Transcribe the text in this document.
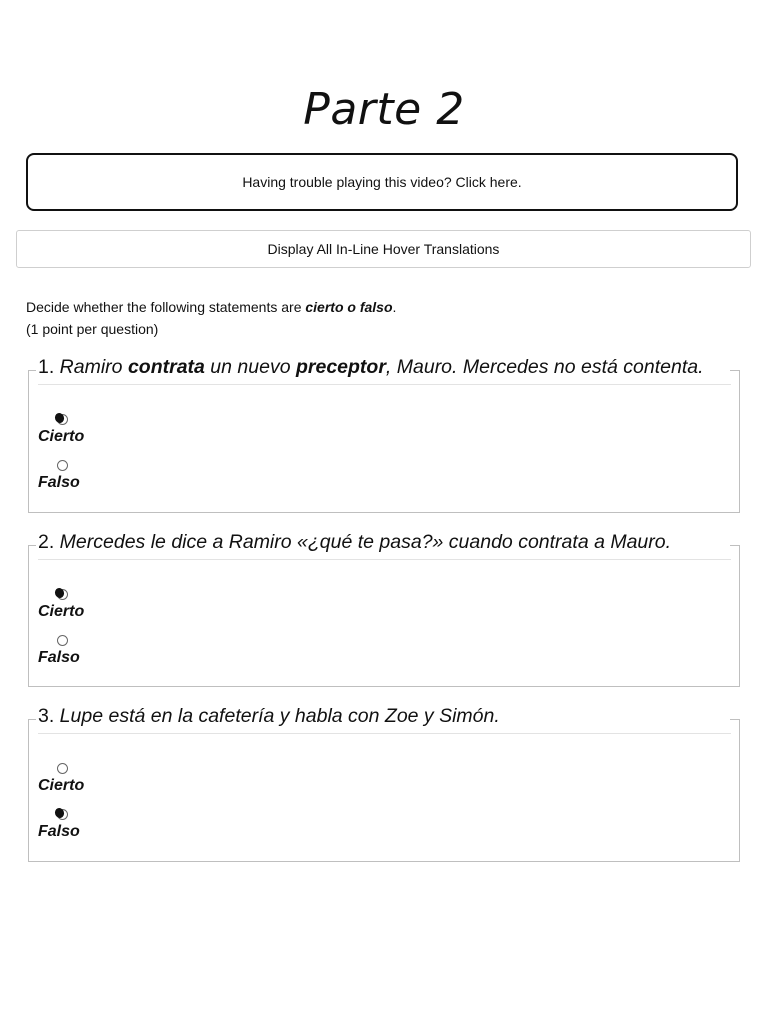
Parte 2
Having trouble playing this video? Click here.
Display All In-Line Hover Translations
Decide whether the following statements are cierto o falso.
(1 point per question)
1. Ramiro contrata un nuevo preceptor, Mauro. Mercedes no está contenta.
Cierto
Falso
2. Mercedes le dice a Ramiro «¿qué te pasa?» cuando contrata a Mauro.
Cierto
Falso
3. Lupe está en la cafetería y habla con Zoe y Simón.
Cierto
Falso
